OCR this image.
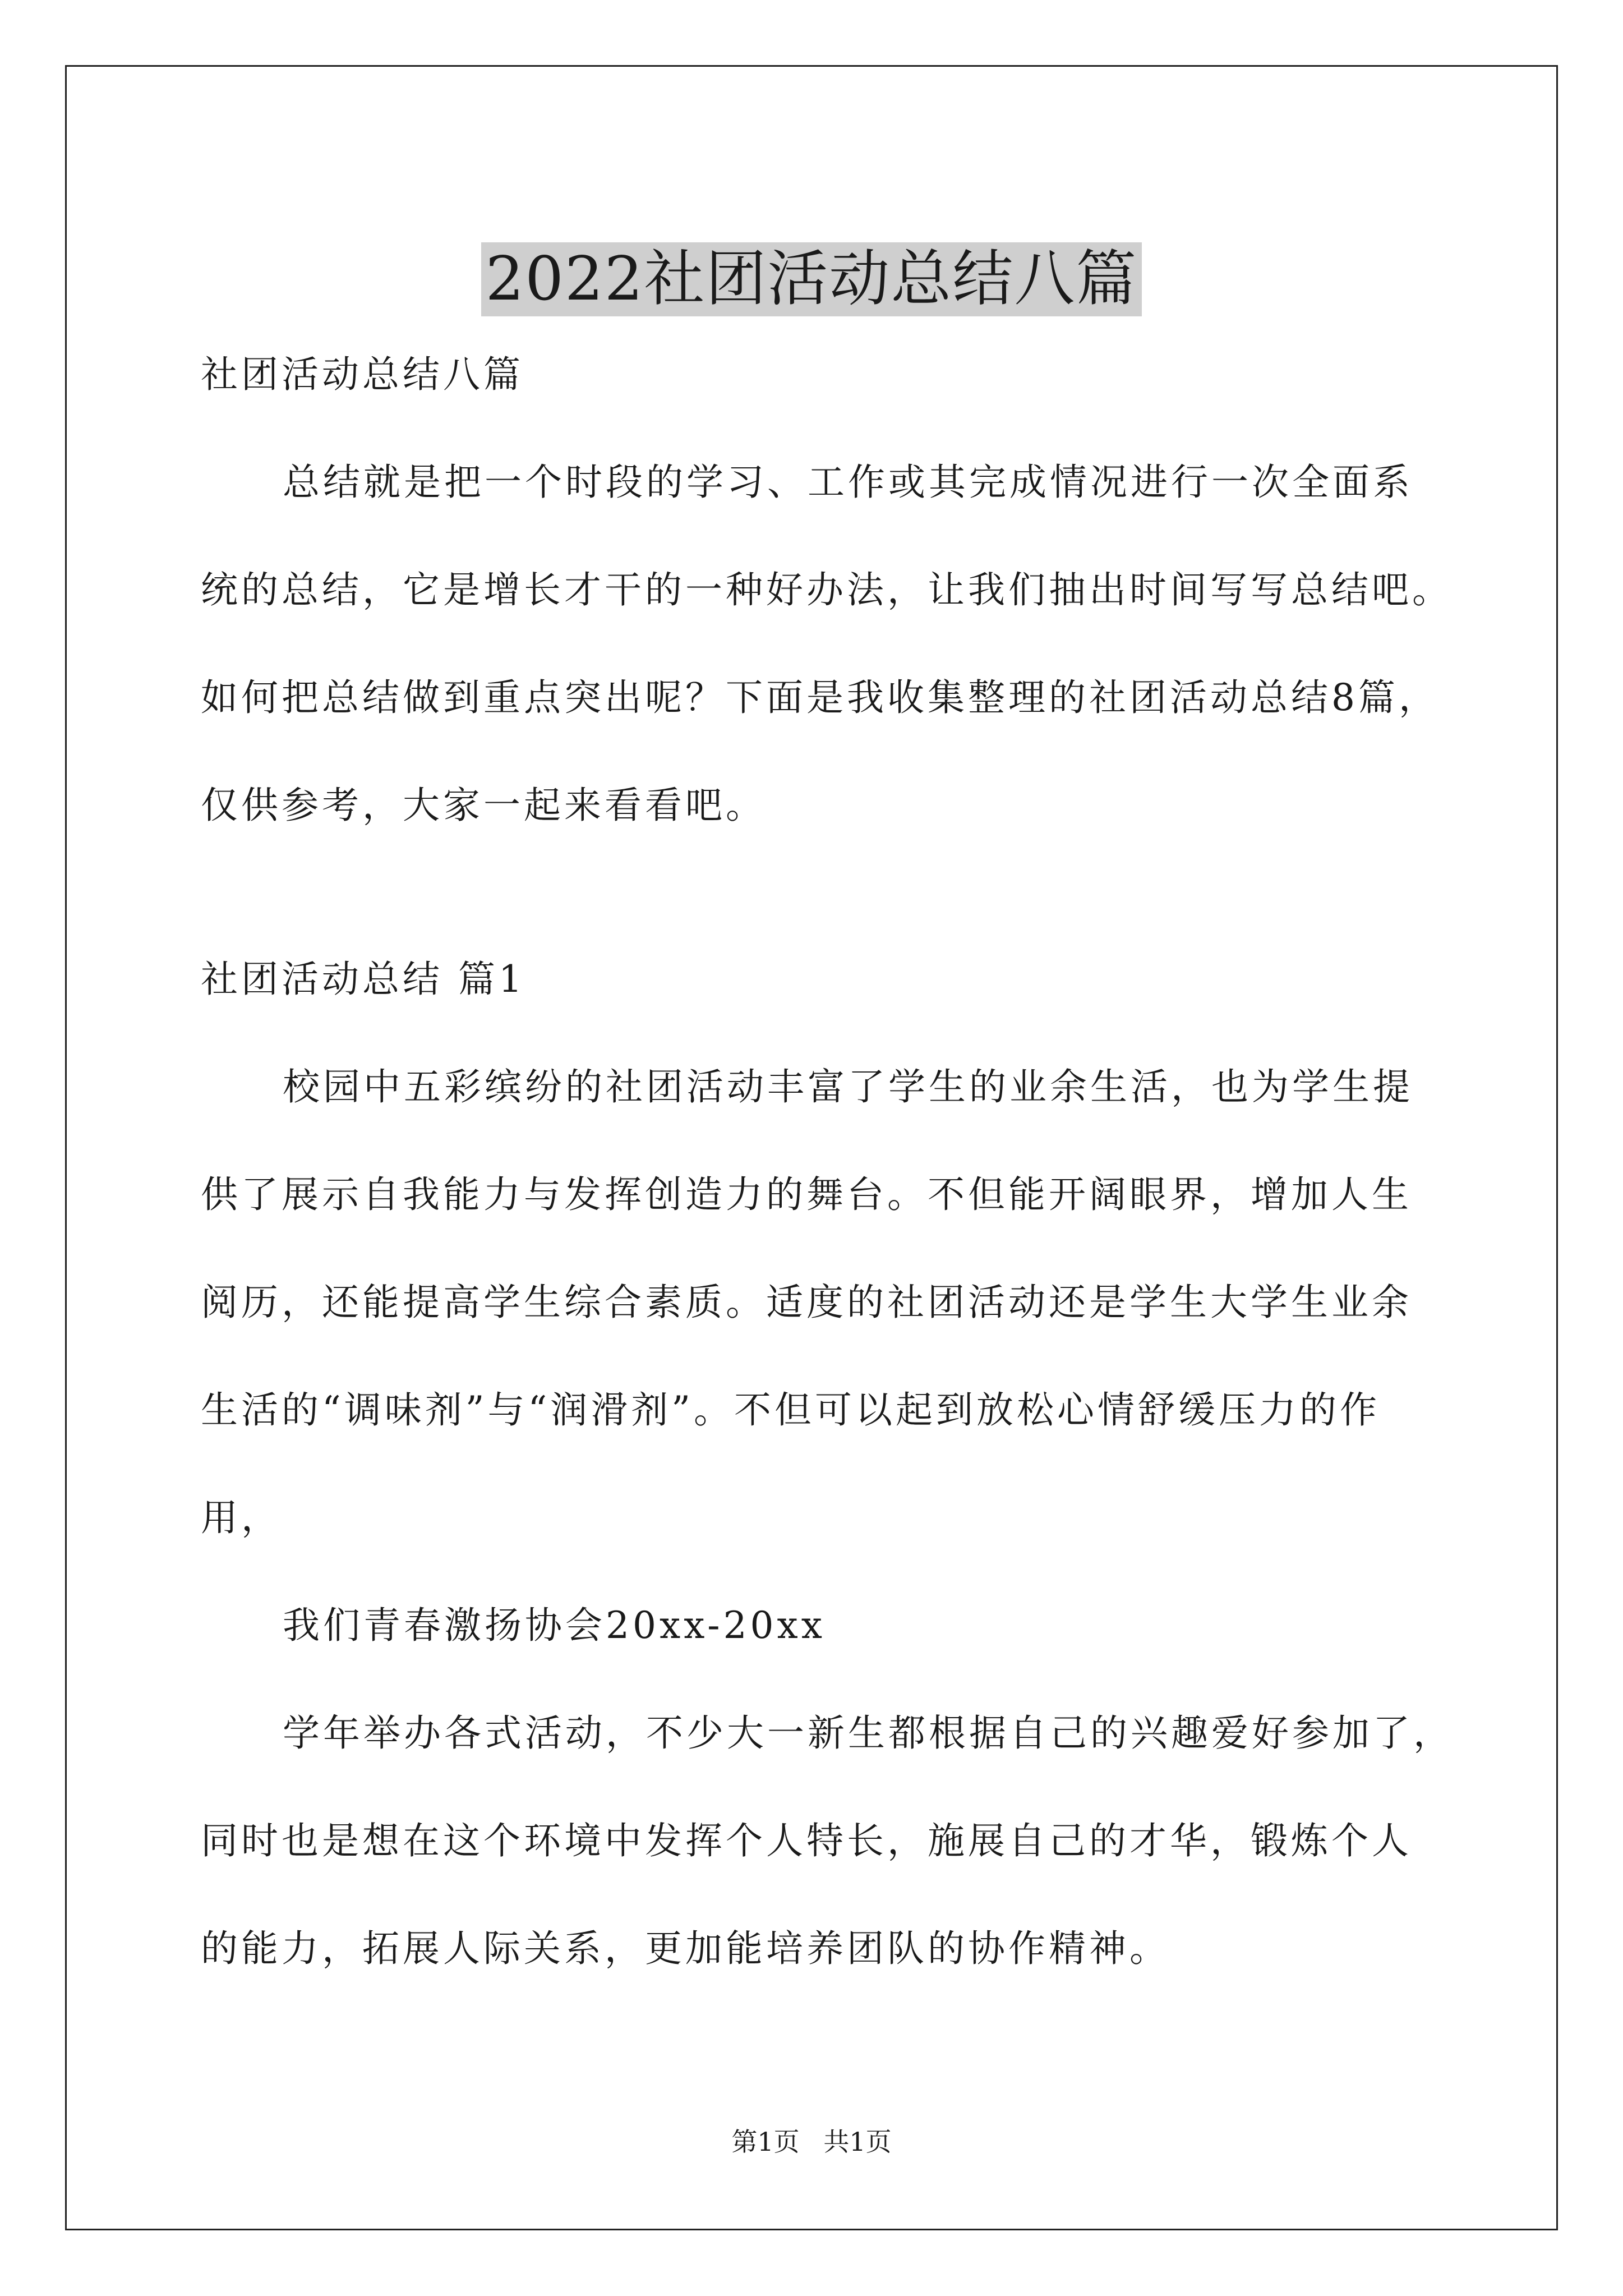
2022社团活动总结八篇
社团活动总结八篇
总结就是把一个时段的学习、工作或其完成情况进行一次全面系
统的总结，它是增长才干的一种好办法，让我们抽出时间写写总结吧。
如何把总结做到重点突出呢？下面是我收集整理的社团活动总结8篇，
仅供参考，大家一起来看看吧。
社团活动总结 篇1
校园中五彩缤纷的社团活动丰富了学生的业余生活，也为学生提
供了展示自我能力与发挥创造力的舞台。不但能开阔眼界，增加人生
阅历，还能提高学生综合素质。适度的社团活动还是学生大学生业余
生活的“调味剂”与“润滑剂”。不但可以起到放松心情舒缓压力的作
用，
我们青春激扬协会20xx-20xx
学年举办各式活动，不少大一新生都根据自己的兴趣爱好参加了，
同时也是想在这个环境中发挥个人特长，施展自己的才华，锻炼个人
的能力，拓展人际关系，更加能培养团队的协作精神。
第1页 共1页
